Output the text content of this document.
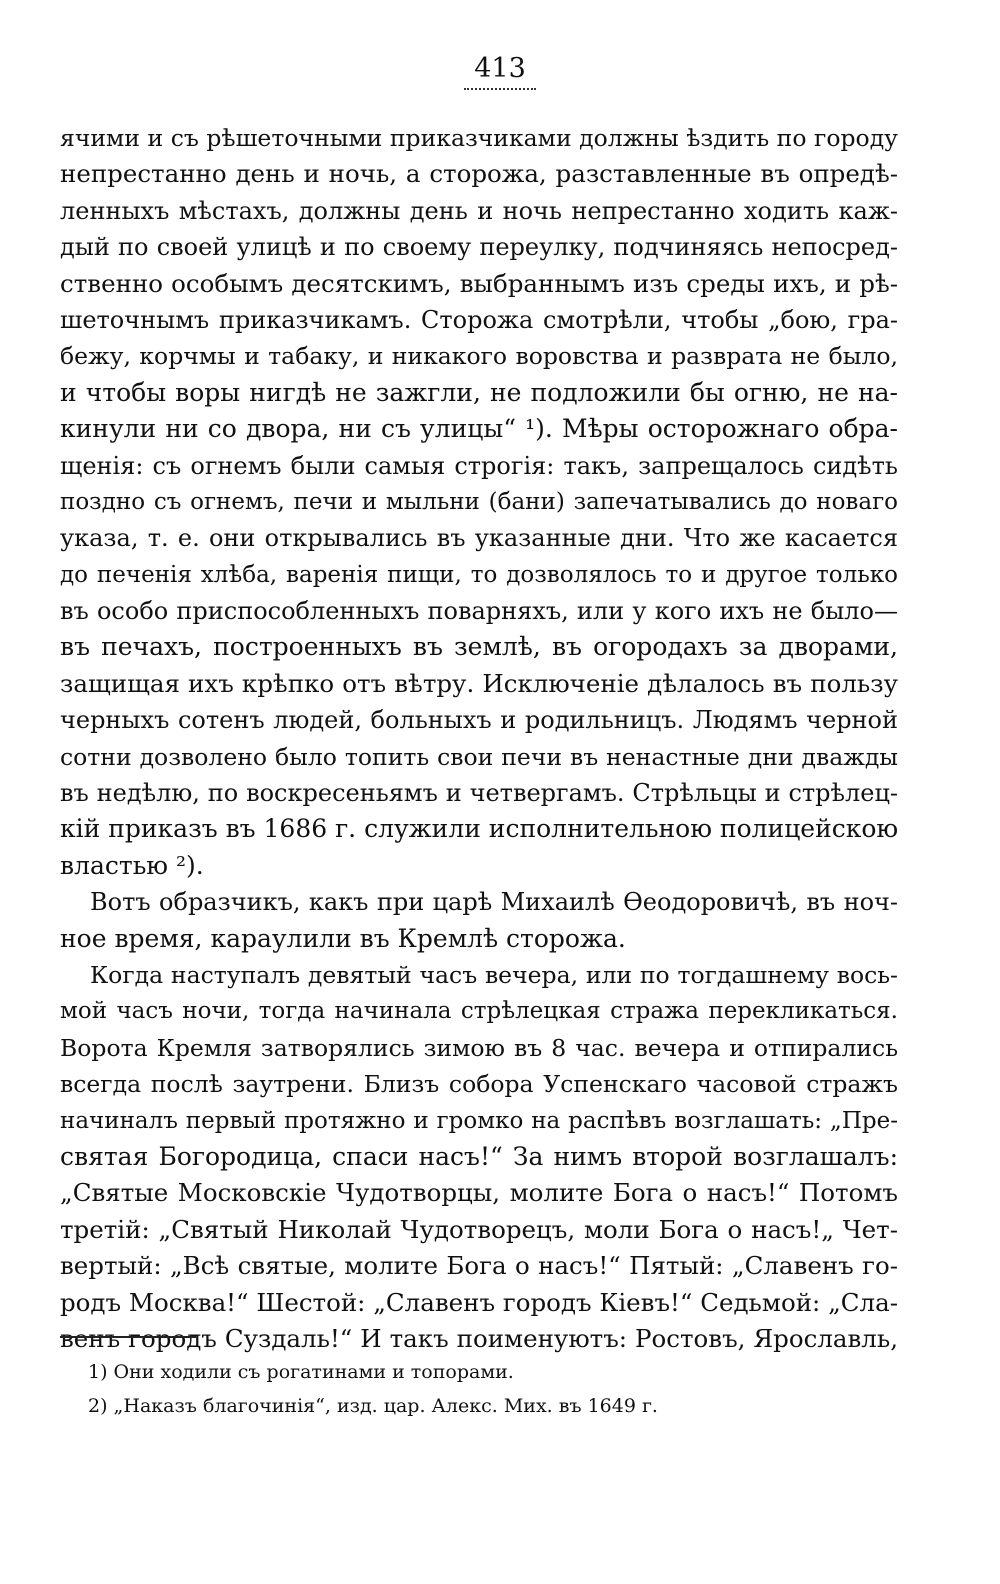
413
ячими и съ рѣшеточными приказчиками должны ѣздить по городу
непрестанно день и ночь, а сторожа, разставленные въ опредѣ-
ленныхъ мѣстахъ, должны день и ночь непрестанно ходить каж-
дый по своей улицѣ и по своему переулку, подчиняясь непосред-
ственно особымъ десятскимъ, выбраннымъ изъ среды ихъ, и рѣ-
шеточнымъ приказчикамъ. Сторожа смотрѣли, чтобы „бою, гра-
бежу, корчмы и табаку, и никакого воровства и разврата не было,
и чтобы воры нигдѣ не зажгли, не подложили бы огню, не на-
кинули ни со двора, ни съ улицы“ ¹). Мѣры осторожнаго обра-
щенія: съ огнемъ были самыя строгія: такъ, запрещалось сидѣть
поздно съ огнемъ, печи и мыльни (бани) запечатывались до новаго
указа, т. е. они открывались въ указанные дни. Что же касается
до печенія хлѣба, варенія пищи, то дозволялось то и другое только
въ особо приспособленныхъ поварняхъ, или у кого ихъ не было—
въ печахъ, построенныхъ въ землѣ, въ огородахъ за дворами,
защищая ихъ крѣпко отъ вѣтру. Исключеніе дѣлалось въ пользу
черныхъ сотенъ людей, больныхъ и родильницъ. Людямъ черной
сотни дозволено было топить свои печи въ ненастные дни дважды
въ недѣлю, по воскресеньямъ и четвергамъ. Стрѣльцы и стрѣлец-
кій приказъ въ 1686 г. служили исполнительною полицейскою
властью ²).
Вотъ образчикъ, какъ при царѣ Михаилѣ Ѳеодоровичѣ, въ ноч-
ное время, караулили въ Кремлѣ сторожа.
Когда наступалъ девятый часъ вечера, или по тогдашнему вось-
мой часъ ночи, тогда начинала стрѣлецкая стража перекликаться.
Ворота Кремля затворялись зимою въ 8 час. вечера и отпирались
всегда послѣ заутрени. Близъ собора Успенскаго часовой стражъ
начиналъ первый протяжно и громко на распѣвъ возглашать: „Пре-
святая Богородица, спаси насъ!“ За нимъ второй возглашалъ:
„Святые Московскіе Чудотворцы, молите Бога о насъ!“ Потомъ
третій: „Святый Николай Чудотворецъ, моли Бога о насъ!„ Чет-
вертый: „Всѣ святые, молите Бога о насъ!“ Пятый: „Славенъ го-
родъ Москва!“ Шестой: „Славенъ городъ Кіевъ!“ Седьмой: „Сла-
венъ городъ Суздаль!“ И такъ поименуютъ: Ростовъ, Ярославль,
1) Они ходили съ рогатинами и топорами.
2) „Наказъ благочинія“, изд. цар. Алекс. Мих. въ 1649 г.
